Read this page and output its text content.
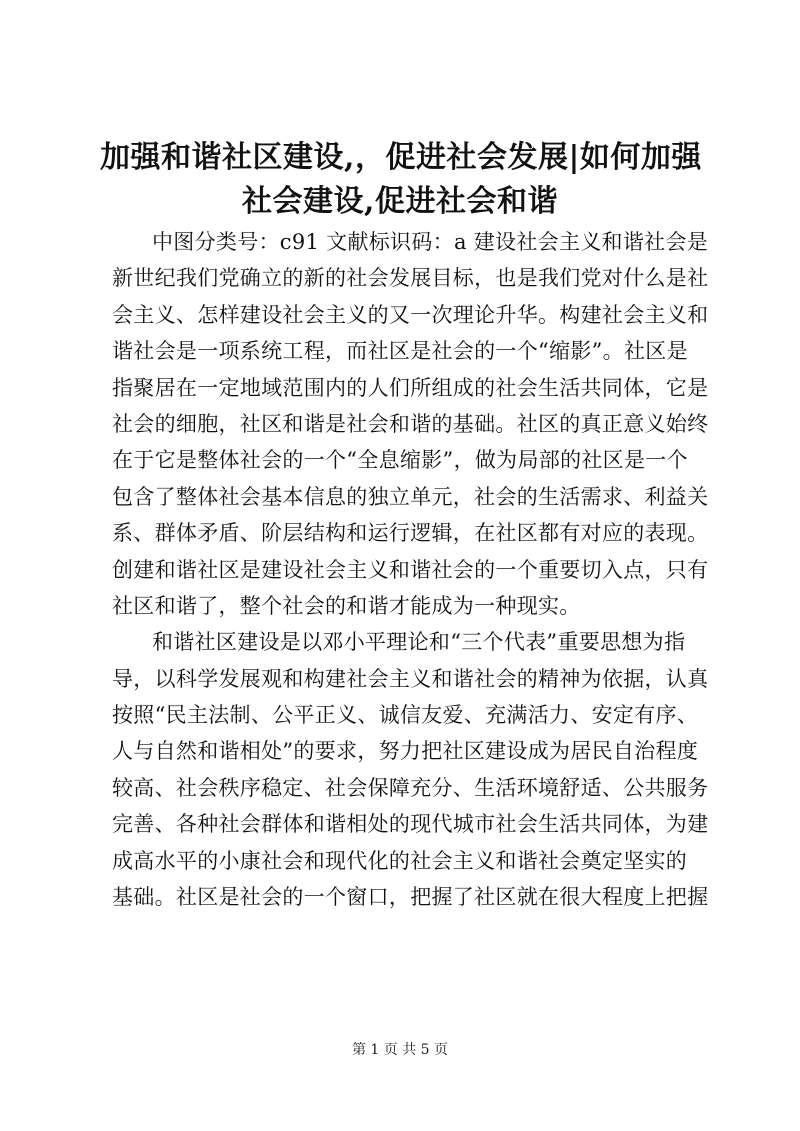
加强和谐社区建设,，促进社会发展|如何加强
社会建设,促进社会和谐
中图分类号：c91 文献标识码：a 建设社会主义和谐社会是
新世纪我们党确立的新的社会发展目标，也是我们党对什么是社
会主义、怎样建设社会主义的又一次理论升华。构建社会主义和
谐社会是一项系统工程，而社区是社会的一个“缩影”。社区是
指聚居在一定地域范围内的人们所组成的社会生活共同体，它是
社会的细胞，社区和谐是社会和谐的基础。社区的真正意义始终
在于它是整体社会的一个“全息缩影”，做为局部的社区是一个
包含了整体社会基本信息的独立单元，社会的生活需求、利益关
系、群体矛盾、阶层结构和运行逻辑，在社区都有对应的表现。
创建和谐社区是建设社会主义和谐社会的一个重要切入点，只有
社区和谐了，整个社会的和谐才能成为一种现实。
和谐社区建设是以邓小平理论和“三个代表”重要思想为指
导，以科学发展观和构建社会主义和谐社会的精神为依据，认真
按照“民主法制、公平正义、诚信友爱、充满活力、安定有序、
人与自然和谐相处”的要求，努力把社区建设成为居民自治程度
较高、社会秩序稳定、社会保障充分、生活环境舒适、公共服务
完善、各种社会群体和谐相处的现代城市社会生活共同体，为建
成高水平的小康社会和现代化的社会主义和谐社会奠定坚实的
基础。社区是社会的一个窗口，把握了社区就在很大程度上把握
第 1 页 共 5 页
